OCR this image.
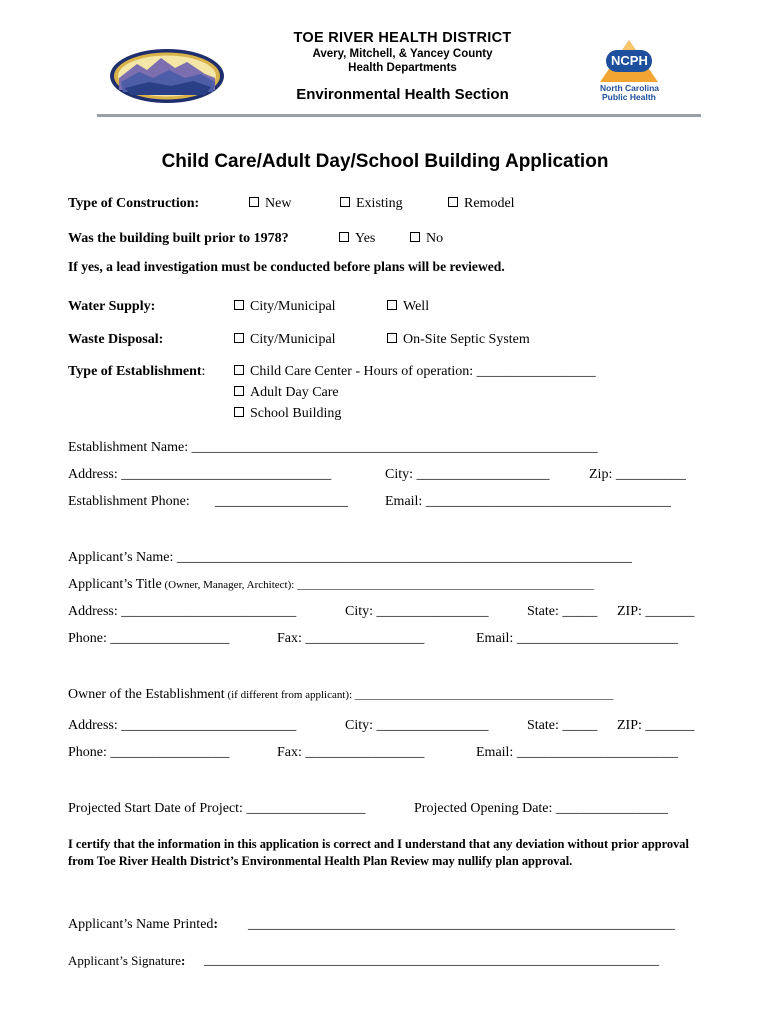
TOE RIVER HEALTH DISTRICT
Avery, Mitchell, & Yancey County
Health Departments
Environmental Health Section
NCPH
North Carolina
Public Health
Child Care/Adult Day/School Building Application
Type of Construction:	New	Existing	Remodel
Was the building built prior to 1978?	Yes	No
If yes, a lead investigation must be conducted before plans will be reviewed.
Water Supply:	City/Municipal	Well
Waste Disposal:	City/Municipal	On-Site Septic System
Type of Establishment:	Child Care Center - Hours of operation: _________________
Adult Day Care
School Building
Establishment Name: __________________________________________________________
Address: ______________________________	City: ___________________	Zip: __________
Establishment Phone: ___________________	Email: ___________________________________
Applicant’s Name: _________________________________________________________________
Applicant’s Title (Owner, Manager, Architect): ______________________________________________________
Address: _________________________	City: ________________	State: _____ ZIP: _______
Phone: _________________	Fax: _________________	Email: _______________________
Owner of the Establishment (if different from applicant): _______________________________________________
Address: _________________________	City: ________________	State: _____ ZIP: _______
Phone: _________________	Fax: _________________	Email: _______________________
Projected Start Date of Project: _________________	Projected Opening Date: ________________
I certify that the information in this application is correct and I understand that any deviation without prior approval from Toe River Health District’s Environmental Health Plan Review may nullify plan approval.
Applicant’s Name Printed: _____________________________________________________________
Applicant’s Signature: _________________________________________________________________
